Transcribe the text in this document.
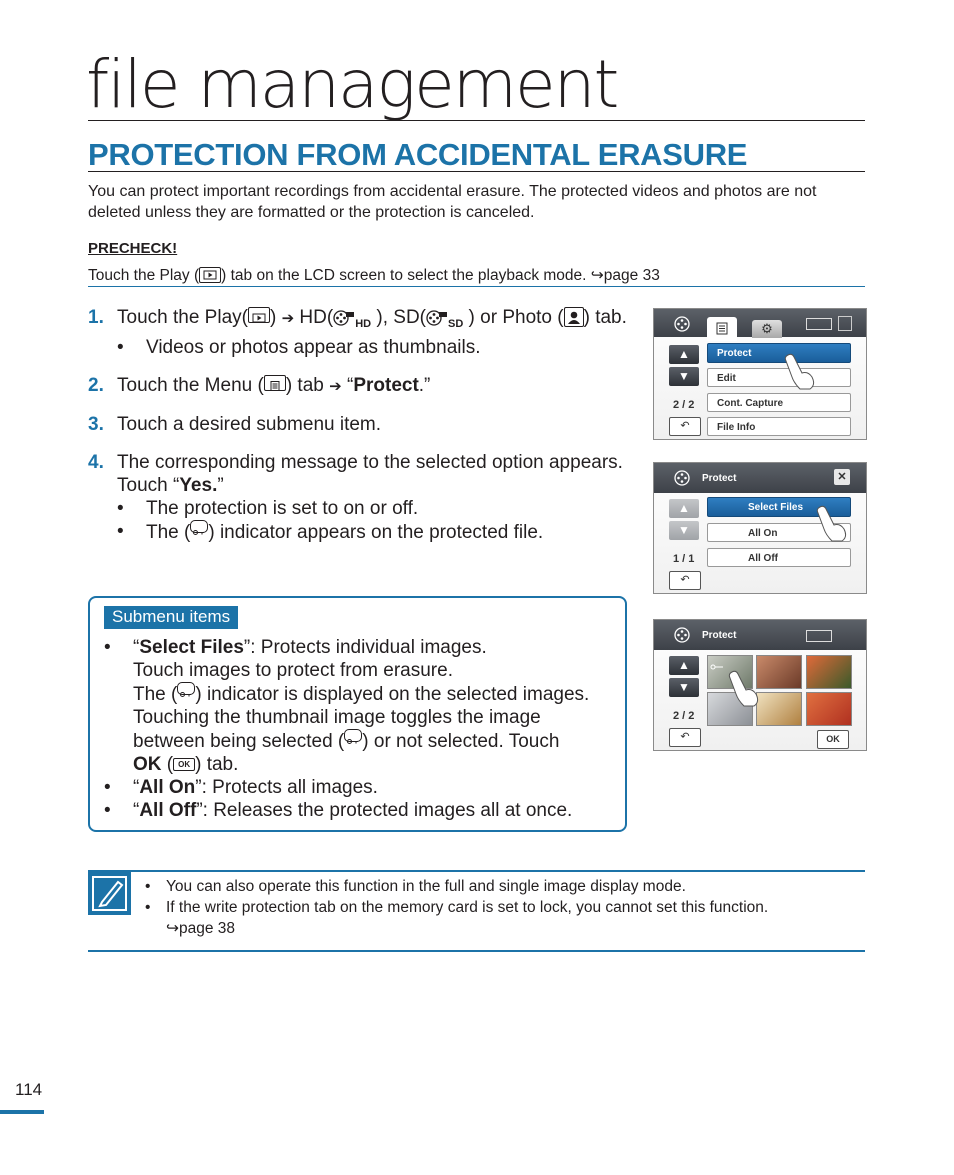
file management
PROTECTION FROM ACCIDENTAL ERASURE
You can protect important recordings from accidental erasure. The protected videos and photos are not deleted unless they are formatted or the protection is canceled.
PRECHECK!
Touch the Play ( ) tab on the LCD screen to select the playback mode. ↪page 33
1. Touch the Play( ) ➔ HD( $_{HD}$ ), SD( $_{SD}$ ) or Photo ( ) tab.
• Videos or photos appear as thumbnails.
2. Touch the Menu ( ) tab ➔ “Protect.”
3. Touch a desired submenu item.
4. The corresponding message to the selected option appears. Touch “Yes.”
• The protection is set to on or off.
• The ( ) indicator appears on the protected file.
⚙
▲
▼
2 / 2
↶
Protect
Edit
Cont. Capture
File Info
Protect	✕
▲
▼
1 / 1
↶
Select Files
All On
All Off
Protect
▲
▼
2 / 2
↶	OK
Submenu items
• “Select Files”: Protects individual images.
Touch images to protect from erasure.
The ( ) indicator is displayed on the selected images.
Touching the thumbnail image toggles the image
between being selected ( ) or not selected. Touch
OK ( OK ) tab.
• “All On”: Protects all images.
• “All Off”: Releases the protected images all at once.
• You can also operate this function in the full and single image display mode.
• If the write protection tab on the memory card is set to lock, you cannot set this function.
↪page 38
114
